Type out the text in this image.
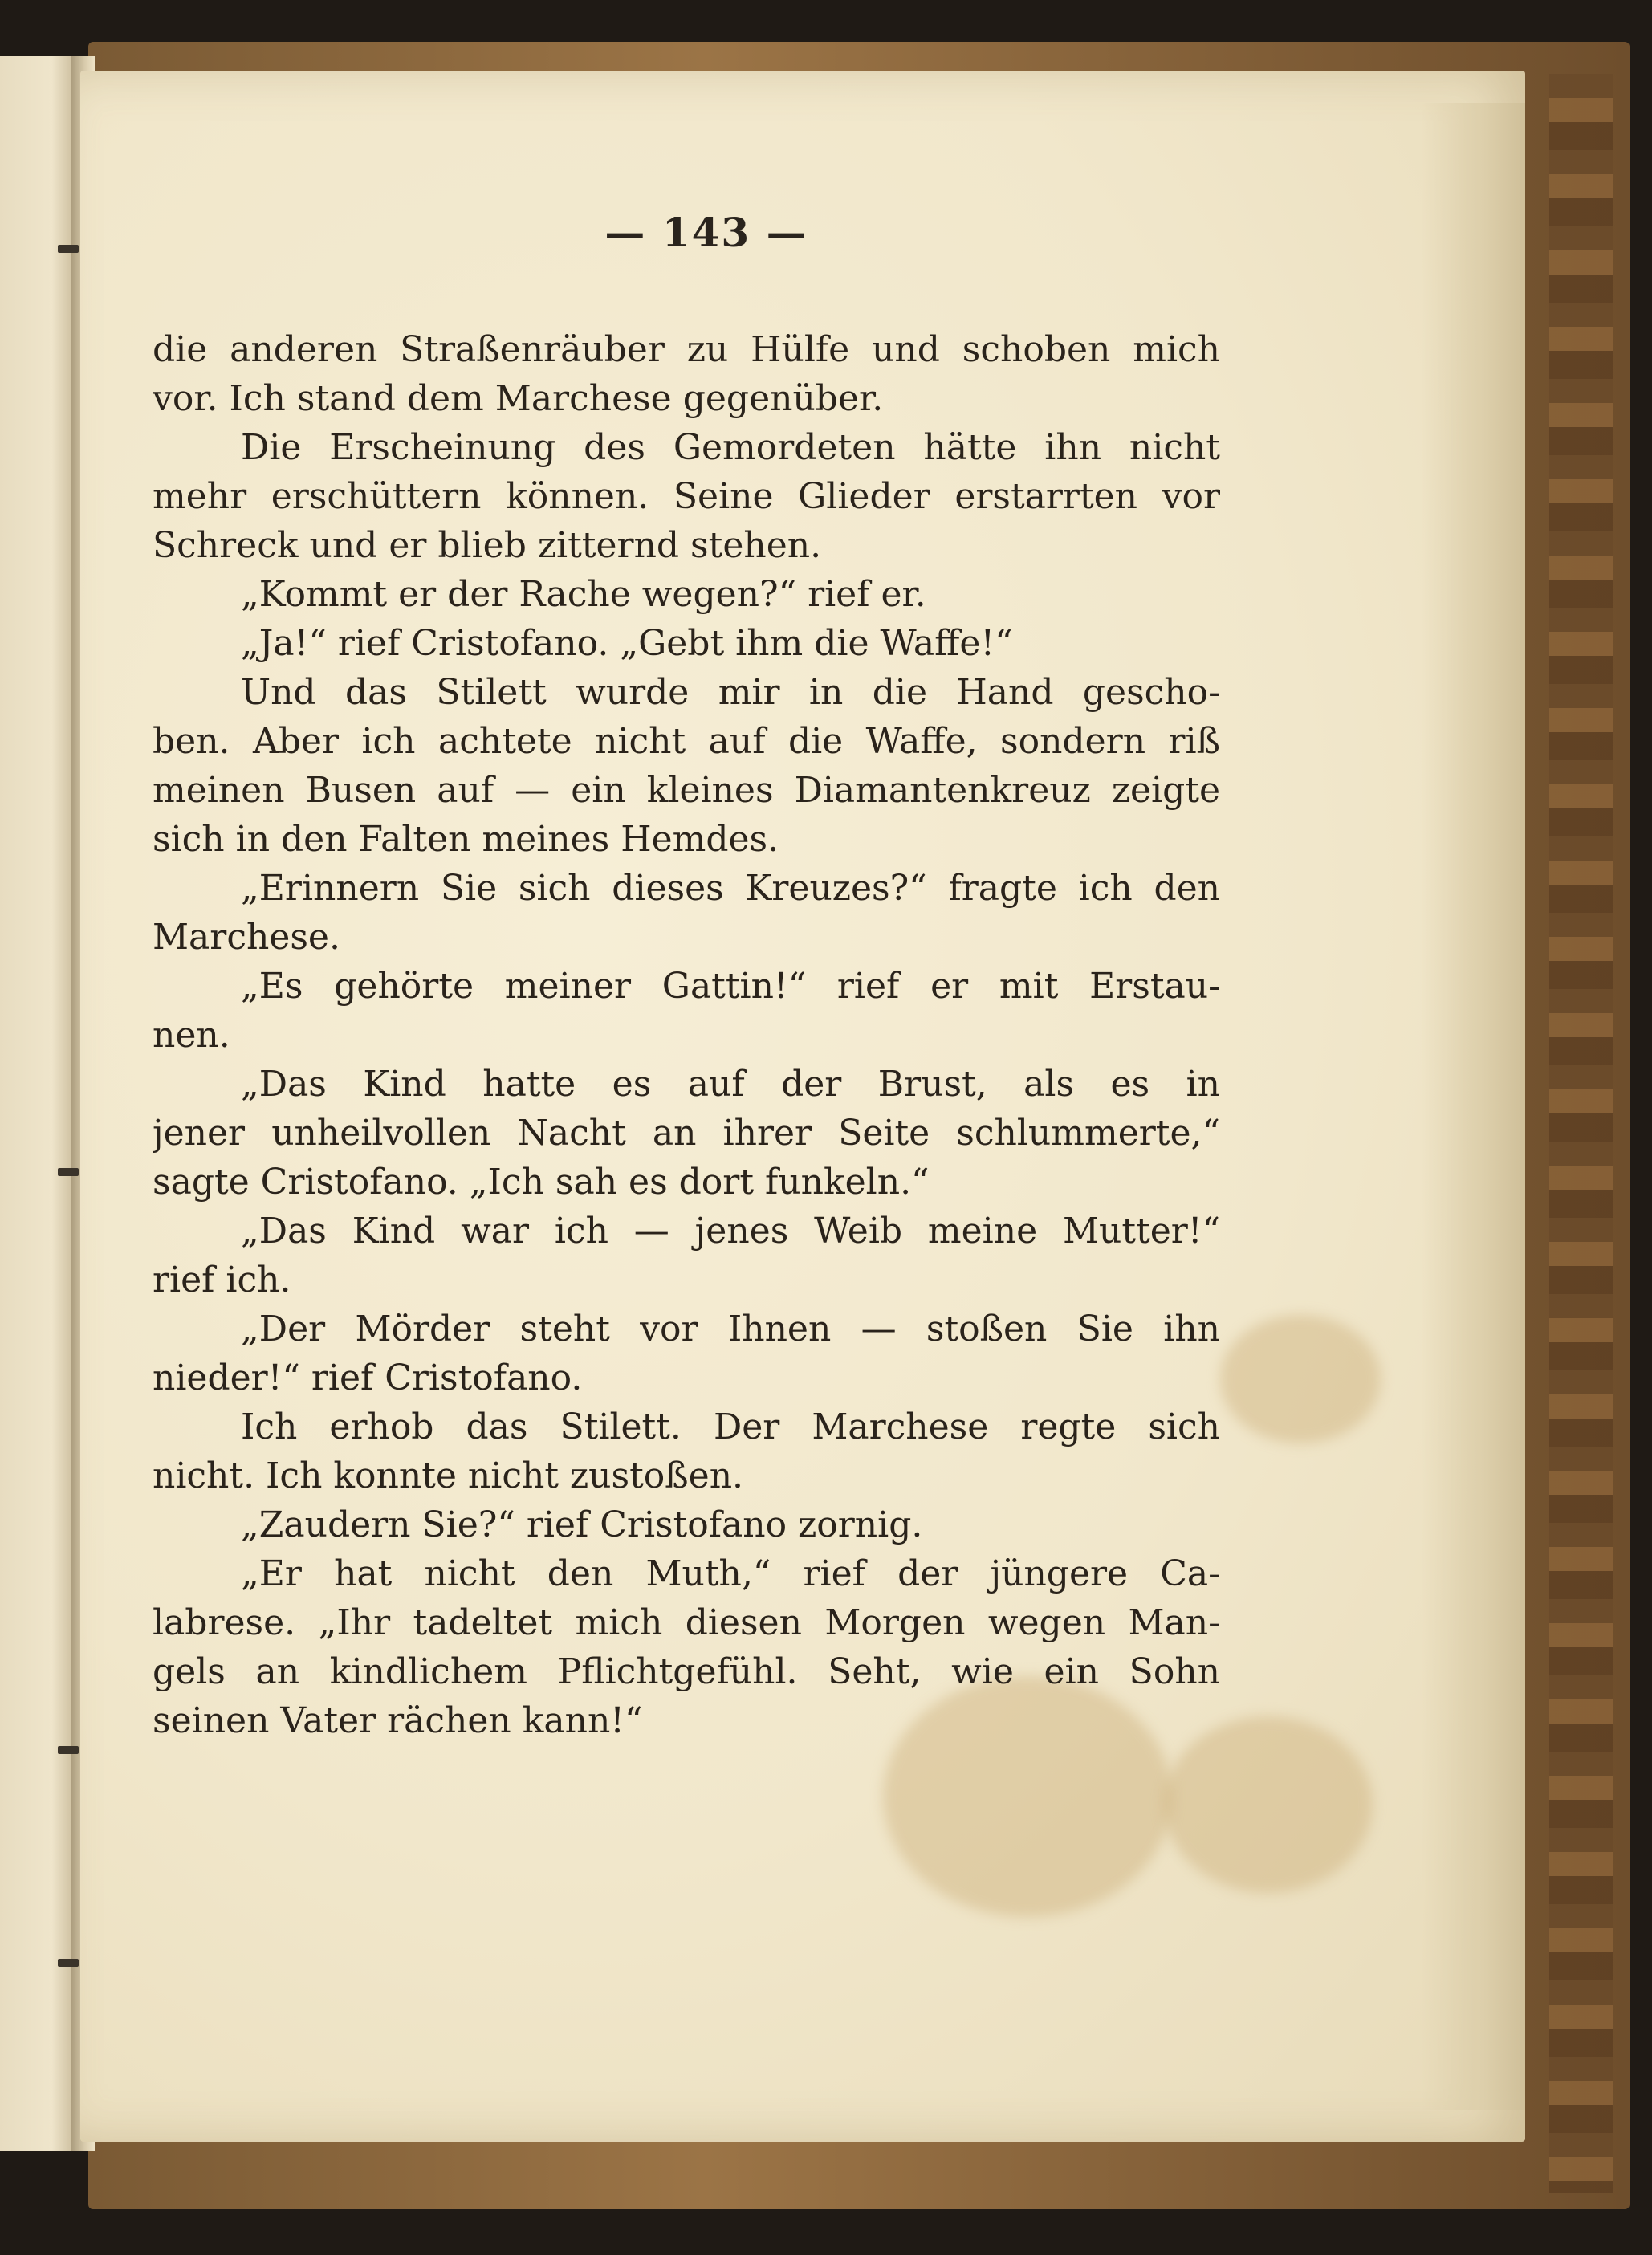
— 143 —
die anderen Straßenräuber zu Hülfe und schoben mich
vor. Ich stand dem Marchese gegenüber.
Die Erscheinung des Gemordeten hätte ihn nicht
mehr erschüttern können. Seine Glieder erstarrten vor
Schreck und er blieb zitternd stehen.
„Kommt er der Rache wegen?“ rief er.
„Ja!“ rief Cristofano. „Gebt ihm die Waffe!“
Und das Stilett wurde mir in die Hand gescho-
ben. Aber ich achtete nicht auf die Waffe, sondern riß
meinen Busen auf — ein kleines Diamantenkreuz zeigte
sich in den Falten meines Hemdes.
„Erinnern Sie sich dieses Kreuzes?“ fragte ich den
Marchese.
„Es gehörte meiner Gattin!“ rief er mit Erstau-
nen.
„Das Kind hatte es auf der Brust, als es in
jener unheilvollen Nacht an ihrer Seite schlummerte,“
sagte Cristofano. „Ich sah es dort funkeln.“
„Das Kind war ich — jenes Weib meine Mutter!“
rief ich.
„Der Mörder steht vor Ihnen — stoßen Sie ihn
nieder!“ rief Cristofano.
Ich erhob das Stilett. Der Marchese regte sich
nicht. Ich konnte nicht zustoßen.
„Zaudern Sie?“ rief Cristofano zornig.
„Er hat nicht den Muth,“ rief der jüngere Ca-
labrese. „Ihr tadeltet mich diesen Morgen wegen Man-
gels an kindlichem Pflichtgefühl. Seht, wie ein Sohn
seinen Vater rächen kann!“
